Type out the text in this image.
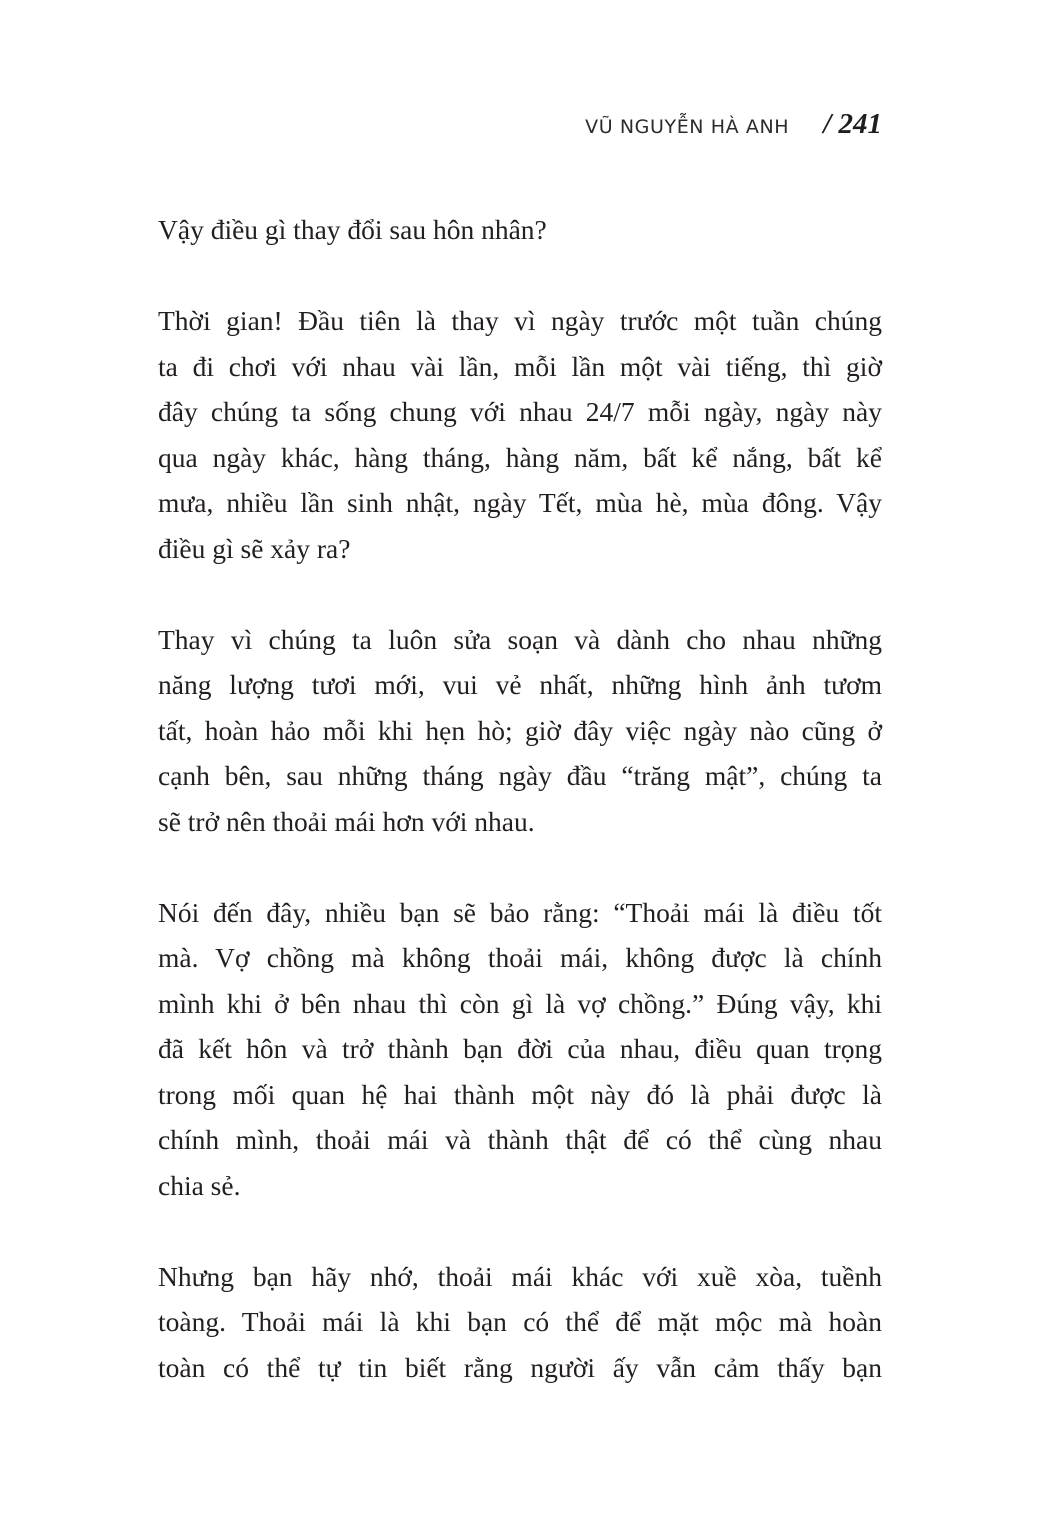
VŨ NGUYỄN HÀ ANH / 241
Vậy điều gì thay đổi sau hôn nhân?
Thời gian! Đầu tiên là thay vì ngày trước một tuần chúng
ta đi chơi với nhau vài lần, mỗi lần một vài tiếng, thì giờ
đây chúng ta sống chung với nhau 24/7 mỗi ngày, ngày này
qua ngày khác, hàng tháng, hàng năm, bất kể nắng, bất kể
mưa, nhiều lần sinh nhật, ngày Tết, mùa hè, mùa đông. Vậy
điều gì sẽ xảy ra?
Thay vì chúng ta luôn sửa soạn và dành cho nhau những
năng lượng tươi mới, vui vẻ nhất, những hình ảnh tươm
tất, hoàn hảo mỗi khi hẹn hò; giờ đây việc ngày nào cũng ở
cạnh bên, sau những tháng ngày đầu “trăng mật”, chúng ta
sẽ trở nên thoải mái hơn với nhau.
Nói đến đây, nhiều bạn sẽ bảo rằng: “Thoải mái là điều tốt
mà. Vợ chồng mà không thoải mái, không được là chính
mình khi ở bên nhau thì còn gì là vợ chồng.” Đúng vậy, khi
đã kết hôn và trở thành bạn đời của nhau, điều quan trọng
trong mối quan hệ hai thành một này đó là phải được là
chính mình, thoải mái và thành thật để có thể cùng nhau
chia sẻ.
Nhưng bạn hãy nhớ, thoải mái khác với xuề xòa, tuềnh
toàng. Thoải mái là khi bạn có thể để mặt mộc mà hoàn
toàn có thể tự tin biết rằng người ấy vẫn cảm thấy bạn
